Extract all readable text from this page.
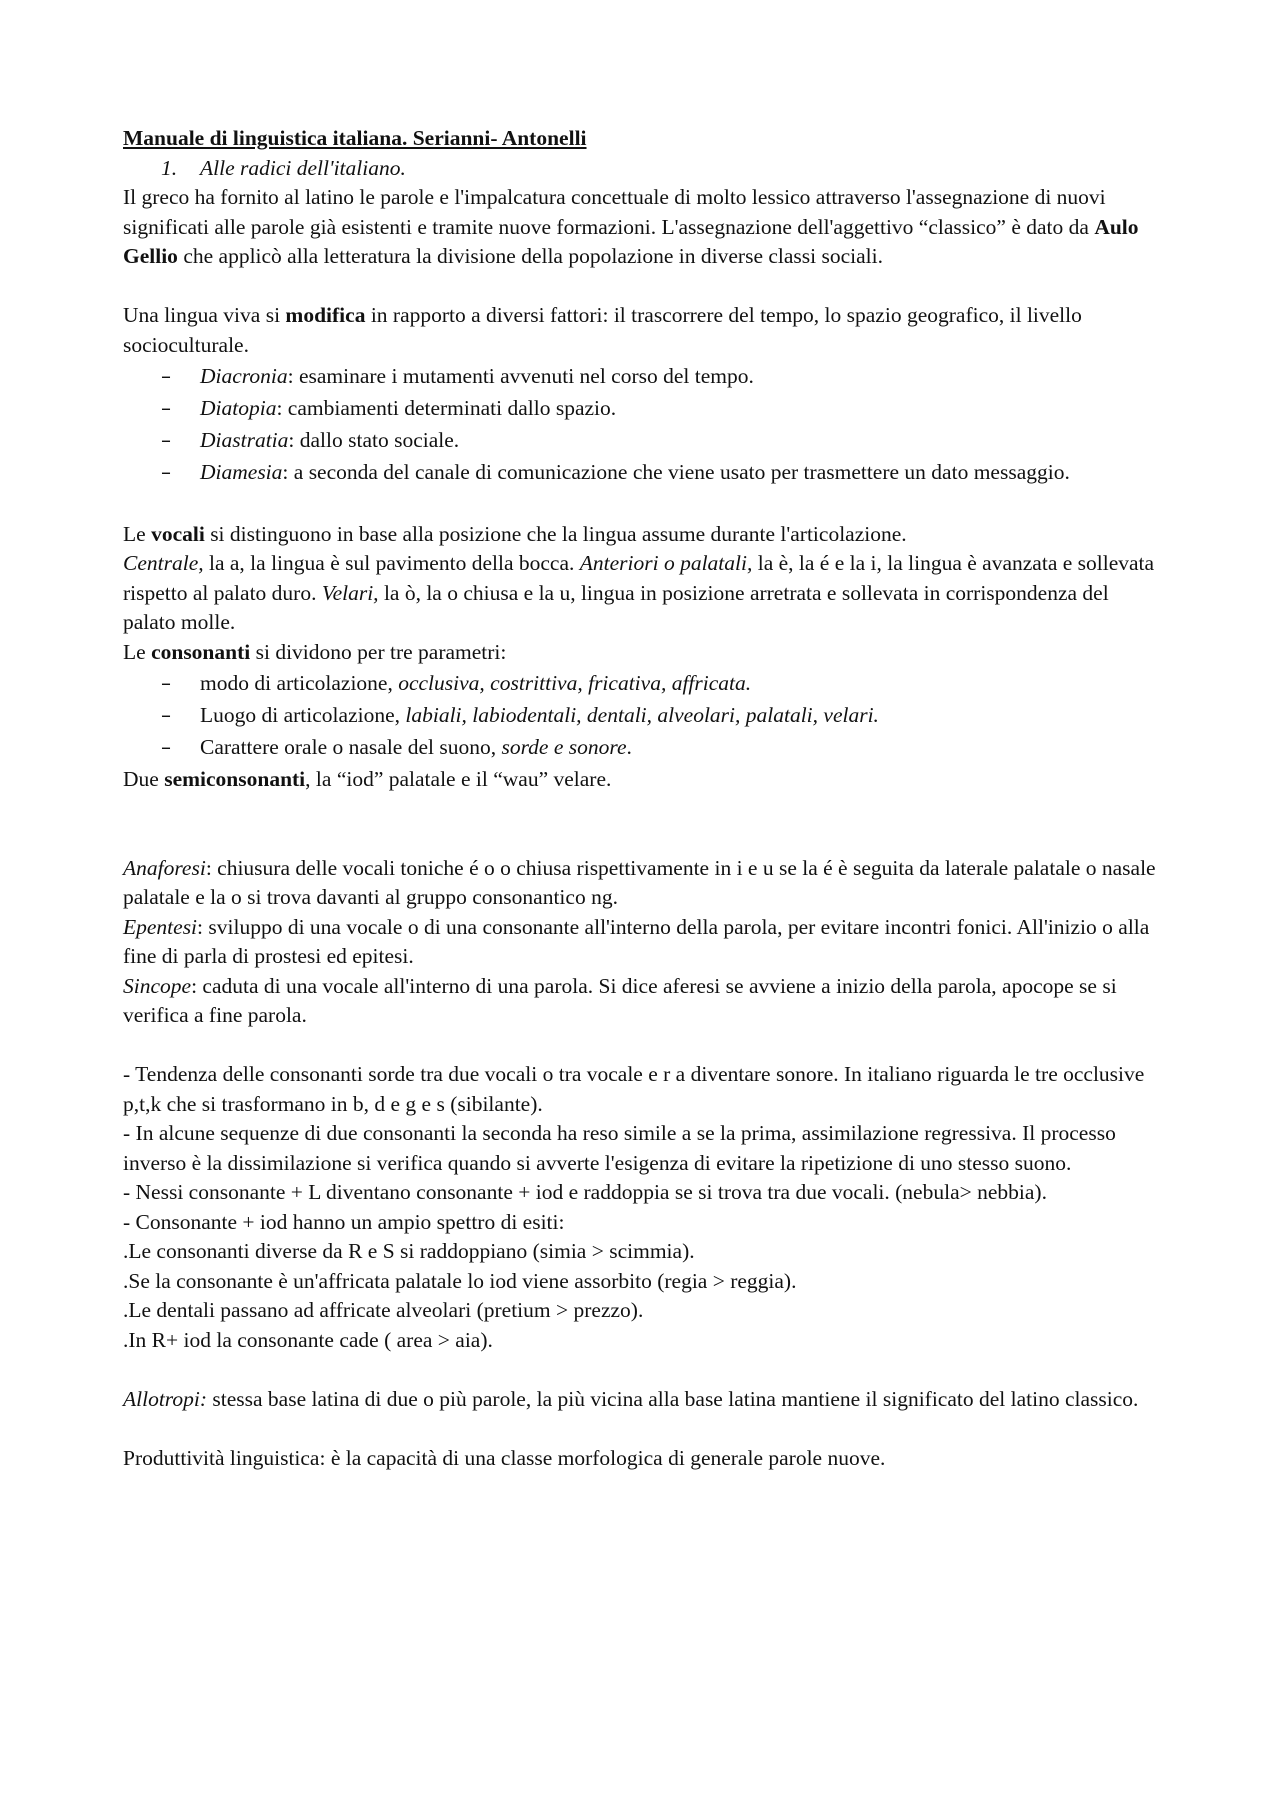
Manuale di linguistica italiana. Serianni- Antonelli

1. Alle radici dell'italiano.

Il greco ha fornito al latino le parole e l'impalcatura concettuale di molto lessico attraverso l'assegnazione di nuovi significati alle parole già esistenti e tramite nuove formazioni. L'assegnazione dell'aggettivo “classico” è dato da Aulo Gellio che applicò alla letteratura la divisione della popolazione in diverse classi sociali.

Una lingua viva si modifica in rapporto a diversi fattori: il trascorrere del tempo, lo spazio geografico, il livello socioculturale.

– Diacronia: esaminare i mutamenti avvenuti nel corso del tempo.
– Diatopia: cambiamenti determinati dallo spazio.
– Diastratia: dallo stato sociale.
– Diamesia: a seconda del canale di comunicazione che viene usato per trasmettere un dato messaggio.

Le vocali si distinguono in base alla posizione che la lingua assume durante l'articolazione.
Centrale, la a, la lingua è sul pavimento della bocca. Anteriori o palatali, la è, la é e la i, la lingua è avanzata e sollevata rispetto al palato duro. Velari, la ò, la o chiusa e la u, lingua in posizione arretrata e sollevata in corrispondenza del palato molle.

Le consonanti si dividono per tre parametri:

– modo di articolazione, occlusiva, costrittiva, fricativa, affricata.
– Luogo di articolazione, labiali, labiodentali, dentali, alveolari, palatali, velari.
– Carattere orale o nasale del suono, sorde e sonore.

Due semiconsonanti, la “iod” palatale e il “wau” velare.

Anaforesi: chiusura delle vocali toniche é o o chiusa rispettivamente in i e u se la é è seguita da laterale palatale o nasale palatale e la o si trova davanti al gruppo consonantico ng.

Epentesi: sviluppo di una vocale o di una consonante all'interno della parola, per evitare incontri fonici. All'inizio o alla fine di parla di prostesi ed epitesi.

Sincope: caduta di una vocale all'interno di una parola. Si dice aferesi se avviene a inizio della parola, apocope se si verifica a fine parola.

- Tendenza delle consonanti sorde tra due vocali o tra vocale e r a diventare sonore. In italiano riguarda le tre occlusive p,t,k che si trasformano in b, d e g e s (sibilante).

- In alcune sequenze di due consonanti la seconda ha reso simile a se la prima, assimilazione regressiva. Il processo inverso è la dissimilazione si verifica quando si avverte l'esigenza di evitare la ripetizione di uno stesso suono.

- Nessi consonante + L diventano consonante + iod e raddoppia se si trova tra due vocali. (nebula> nebbia).

- Consonante + iod hanno un ampio spettro di esiti:

.Le consonanti diverse da R e S si raddoppiano (simia > scimmia).

.Se la consonante è un'affricata palatale lo iod viene assorbito (regia > reggia).

.Le dentali passano ad affricate alveolari (pretium > prezzo).

.In R+ iod la consonante cade ( area > aia).

Allotropi: stessa base latina di due o più parole, la più vicina alla base latina mantiene il significato del latino classico.

Produttività linguistica: è la capacità di una classe morfologica di generale parole nuove.
